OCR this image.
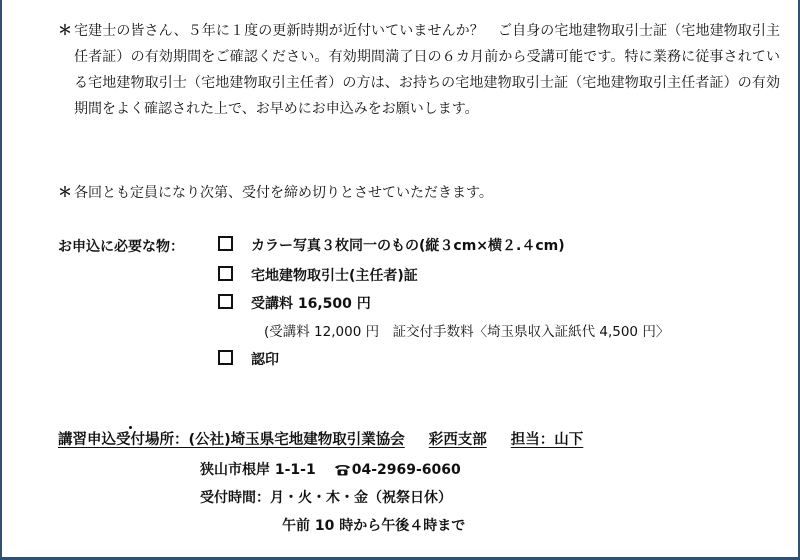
＊ 宅建士の皆さん、５年に１度の更新時期が近付いていませんか？　ご自身の宅地建物取引士証（宅地建物取引主任者証）の有効期間をご確認ください。有効期間満了日の６カ月前から受講可能です。特に業務に従事されている宅地建物取引士（宅地建物取引主任者）の方は、お持ちの宅地建物取引士証（宅地建物取引主任者証）の有効期間をよく確認された上で、お早めにお申込みをお願いします。
＊ 各回とも定員になり次第、受付を締め切りとさせていただきます。
お申込に必要な物：	カラー写真３枚同一のもの(縦３cm×横２.４cm)
宅地建物取引士(主任者)証
受講料 16,500 円
(受講料 12,000 円　証交付手数料〈埼玉県収入証紙代 4,500 円〉
認印
講習申込受付場所：(公社)埼玉県宅地建物取引業協会 彩西支部 担当：山下
狭山市根岸 1-1-1	04-2969-6060
受付時間：月・火・木・金（祝祭日休）
午前 10 時から午後４時まで
